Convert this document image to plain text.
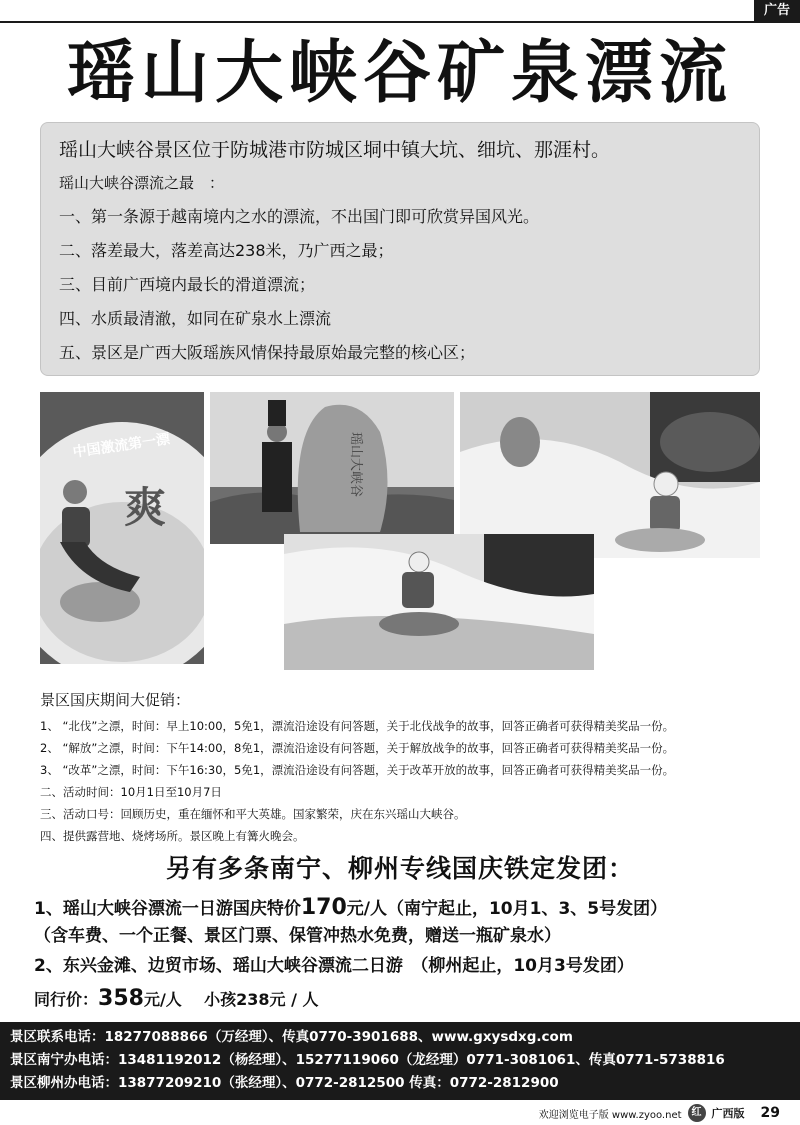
广告
瑶山大峡谷矿泉漂流
瑶山大峡谷景区位于防城港市防城区垌中镇大坑、细坑、那涯村。
瑶山大峡谷漂流之最　：
一、第一条源于越南境内之水的漂流，不出国门即可欣赏异国风光。
二、落差最大，落差高达238米，乃广西之最；
三、目前广西境内最长的滑道漂流；
四、水质最清澈，如同在矿泉水上漂流
五、景区是广西大阪瑶族风情保持最原始最完整的核心区；
中国激流第一漂
爽
瑶山大峡谷
景区国庆期间大促销：
1、 “北伐”之漂，时间：早上10:00，5免1，漂流沿途设有问答题，关于北伐战争的故事，回答正确者可获得精美奖品一份。
2、 “解放”之漂，时间：下午14:00，8免1，漂流沿途设有问答题，关于解放战争的故事，回答正确者可获得精美奖品一份。
3、 “改革”之漂，时间：下午16:30，5免1，漂流沿途设有问答题，关于改革开放的故事，回答正确者可获得精美奖品一份。
二、活动时间：10月1日至10月7日
三、活动口号：回顾历史，重在缅怀和平大英雄。国家繁荣，庆在东兴瑶山大峡谷。
四、提供露营地、烧烤场所。景区晚上有篝火晚会。
另有多条南宁、柳州专线国庆铁定发团：
1、瑶山大峡谷漂流一日游国庆特价170元/人（南宁起止，10月1、3、5号发团）
（含车费、一个正餐、景区门票、保管冲热水免费，赠送一瓶矿泉水）
2、东兴金滩、边贸市场、瑶山大峡谷漂流二日游　（柳州起止，10月3号发团）
同行价：358元/人 小孩238元 / 人
景区联系电话：18277088866（万经理）、传真0770-3901688、www.gxysdxg.com
景区南宁办电话：13481192012（杨经理）、15277119060（龙经理）0771-3081061、传真0771-5738816
景区柳州办电话：13877209210（张经理）、0772-2812500 传真：0772-2812900
欢迎浏览电子版 www.zyoo.net	红 广西版 29
